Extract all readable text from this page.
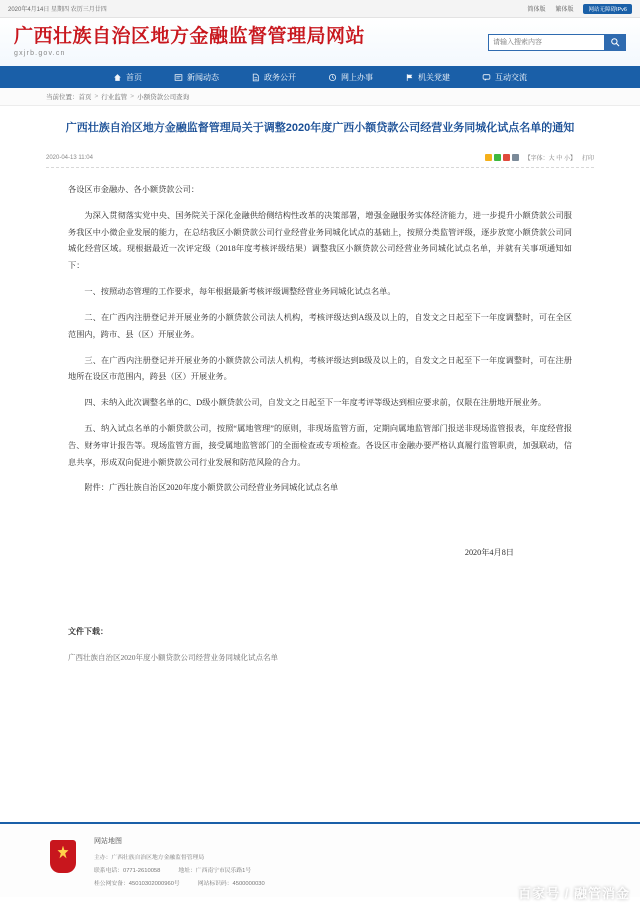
2020年4月14日 星期四 农历三月廿四	简体版 繁体版	网站无障碍IPv6
广西壮族自治区地方金融监督管理局网站
gxjrb.gov.cn
请输入搜索内容
首页	新闻动态	政务公开	网上办事	机关党建	互动交流
当前位置： 首页 > 行业监管 > 小额贷款公司查询
广西壮族自治区地方金融监督管理局关于调整2020年度广西小额贷款公司经营业务同城化试点名单的通知
2020-04-13 11:04	【字体：大 中 小】 打印

各设区市金融办、各小额贷款公司：

为深入贯彻落实党中央、国务院关于深化金融供给侧结构性改革的决策部署，增强金融服务实体经济能力，进一步提升小额贷款公司服务我区中小微企业发展的能力，在总结我区小额贷款公司行业经营业务同城化试点的基础上，按照分类监管评级，逐步放宽小额贷款公司同城化经营区域。现根据最近一次评定级（2018年度考核评级结果）调整我区小额贷款公司经营业务同城化试点名单，并就有关事项通知如下：

一、按照动态管理的工作要求，每年根据最新考核评级调整经营业务同城化试点名单。

二、在广西内注册登记并开展业务的小额贷款公司法人机构，考核评级达到A级及以上的，自发文之日起至下一年度调整时，可在全区范围内，跨市、县（区）开展业务。

三、在广西内注册登记并开展业务的小额贷款公司法人机构，考核评级达到B级及以上的，自发文之日起至下一年度调整时，可在注册地所在设区市范围内，跨县（区）开展业务。

四、未纳入此次调整名单的C、D级小额贷款公司，自发文之日起至下一年度考评等级达到相应要求前，仅限在注册地开展业务。

五、纳入试点名单的小额贷款公司，按照“属地管理”的原则，非现场监管方面，定期向属地监管部门报送非现场监管报表，年度经营报告、财务审计报告等。现场监管方面，接受属地监管部门的全面检查或专项检查。各设区市金融办要严格认真履行监管职责，加强联动，信息共享，形成双向促进小额贷款公司行业发展和防范风险的合力。

附件：广西壮族自治区2020年度小额贷款公司经营业务同城化试点名单

2020年4月8日
文件下载：
广西壮族自治区2020年度小额贷款公司经营业务同城化试点名单
网站地图
主办：广西壮族自治区地方金融监督管理局
联系电话：0771-2610058	地址：广西南宁市民乐路1号
桂公网安备：45010302000960号	网站标识码：4500000030
百家号 / 融管消金
